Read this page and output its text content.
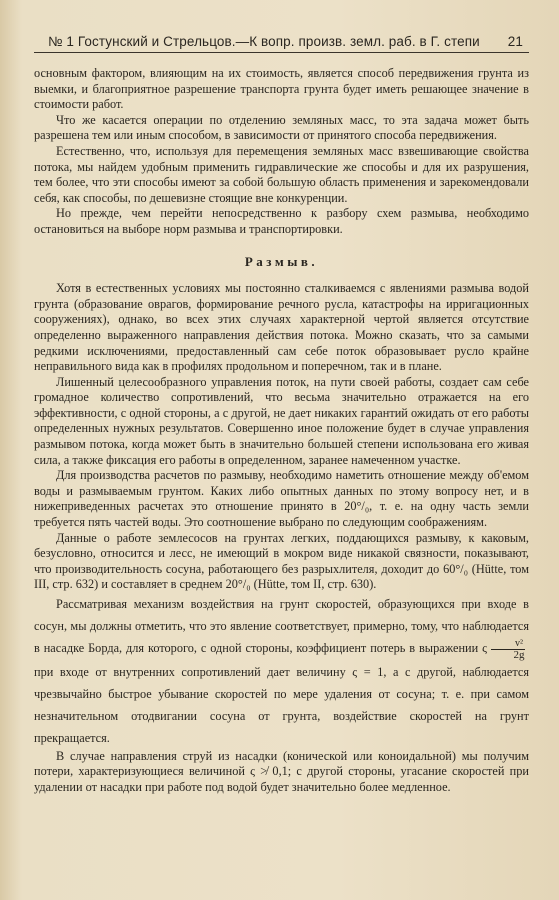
№ 1 Гостунский и Стрельцов.—К вопр. произв. земл. раб. в Г. степи 21

основным фактором, влияющим на их стоимость, является способ передвижения грунта из выемки, и благоприятное разрешение транспорта грунта будет иметь решающее значение в стоимости работ.

Что же касается операции по отделению земляных масс, то эта задача может быть разрешена тем или иным способом, в зависимости от принятого способа передвижения.

Естественно, что, используя для перемещения земляных масс взвешивающие свойства потока, мы найдем удобным применить гидравлические же способы и для их разрушения, тем более, что эти способы имеют за собой большую область применения и зарекомендовали себя, как способы, по дешевизне стоящие вне конкуренции.

Но прежде, чем перейти непосредственно к разбору схем размыва, необходимо остановиться на выборе норм размыва и транспортировки.

Размыв.

Хотя в естественных условиях мы постоянно сталкиваемся с явлениями размыва водой грунта (образование оврагов, формирование речного русла, катастрофы на ирригационных сооружениях), однако, во всех этих случаях характерной чертой является отсутствие определенно выраженного направления действия потока. Можно сказать, что за самыми редкими исключениями, предоставленный сам себе поток образовывает русло крайне неправильного вида как в профилях продольном и поперечном, так и в плане.

Лишенный целесообразного управления поток, на пути своей работы, создает сам себе громадное количество сопротивлений, что весьма значительно отражается на его эффективности, с одной стороны, а с другой, не дает никаких гарантий ожидать от его работы определенных нужных результатов. Совершенно иное положение будет в случае управления размывом потока, когда может быть в значительно большей степени использована его живая сила, а также фиксация его работы в определенном, заранее намеченном участке.

Для производства расчетов по размыву, необходимо наметить отношение между об'емом воды и размываемым грунтом. Каких либо опытных данных по этому вопросу нет, и в нижеприведенных расчетах это отношение принято в 20°/₀, т. е. на одну часть земли требуется пять частей воды. Это соотношение выбрано по следующим соображениям.

Данные о работе землесосов на грунтах легких, поддающихся размыву, к каковым, безусловно, относится и лесс, не имеющий в мокром виде никакой связности, показывают, что производительность сосуна, работающего без разрыхлителя, доходит до 60°/₀ (Hütte, том III, стр. 632) и составляет в среднем 20°/₀ (Hütte, том II, стр. 630).

Рассматривая механизм воздействия на грунт скоростей, образующихся при входе в сосун, мы должны отметить, что это явление соответствует, примерно, тому, что наблюдается в насадке Борда, для которого, с одной стороны, коэффициент потерь в выражении ς $\frac{\text{v²}}{2g}$
при входе от внутренних сопротивлений дает величину ς = 1, а с другой, наблюдается чрезвычайно быстрое убывание скоростей по мере удаления от сосуна; т. е. при самом незначительном отодвигании сосуна от грунта, воздействие скоростей на грунт прекращается.

В случае направления струй из насадки (конической или коноидальной) мы получим потери, характеризующиеся величиной ς ≯ 0,1; с другой стороны, угасание скоростей при удалении от насадки при работе под водой будет значительно более медленное.
